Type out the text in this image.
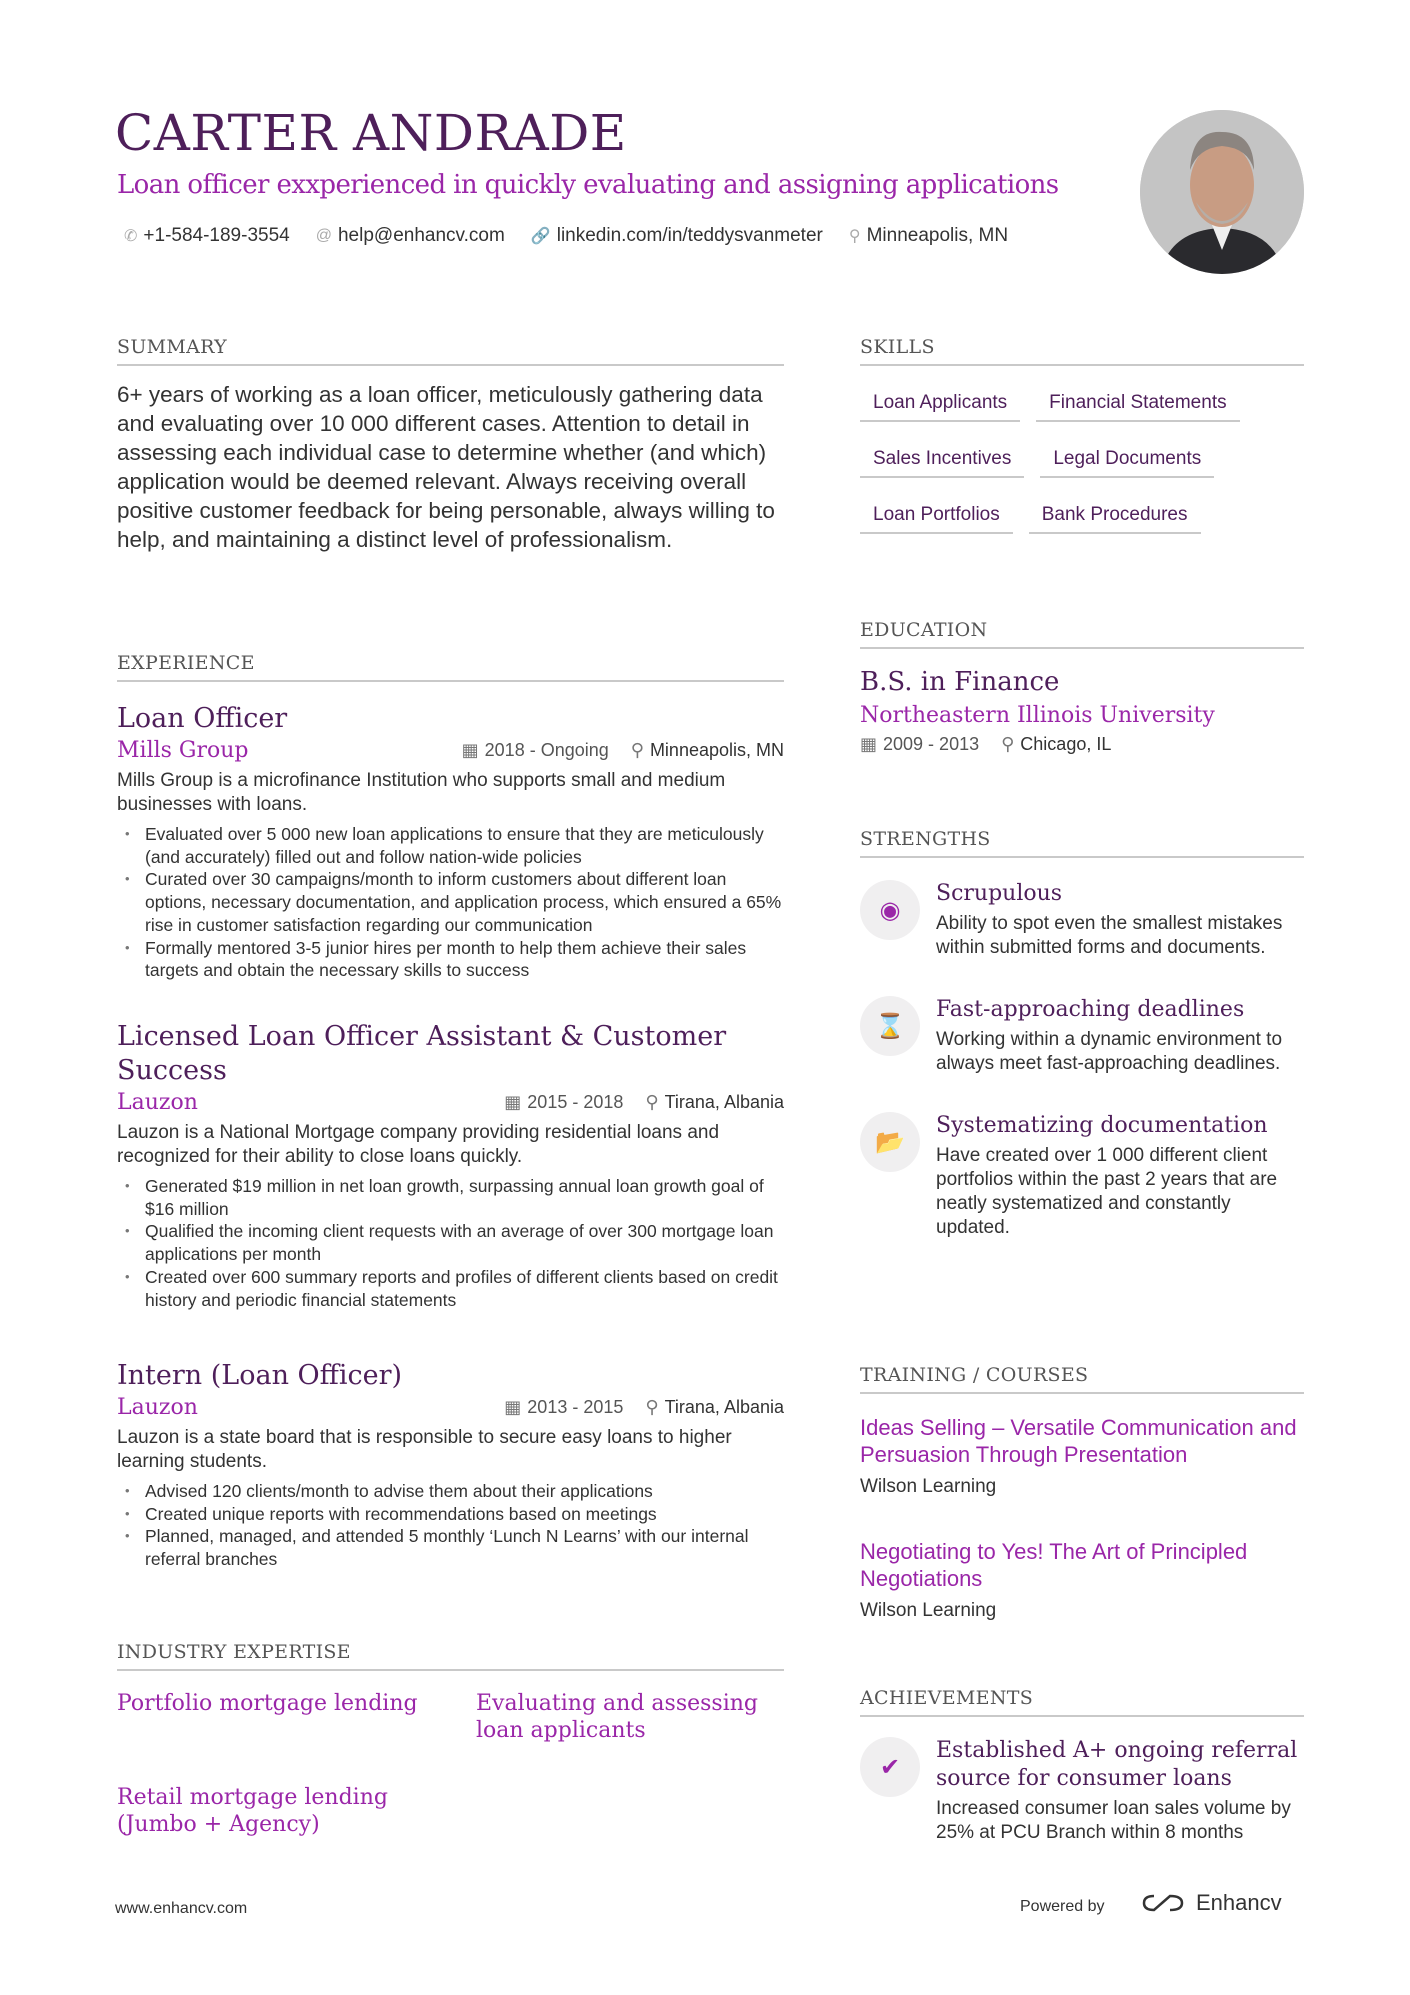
CARTER ANDRADE
Loan officer exxperienced in quickly evaluating and assigning applications
✆ +1-584-189-3554 @ help@enhancv.com 🔗 linkedin.com/in/teddysvanmeter ⚲ Minneapolis, MN
SUMMARY
6+ years of working as a loan officer, meticulously gathering data and evaluating over 10 000 different cases. Attention to detail in assessing each individual case to determine whether (and which) application would be deemed relevant. Always receiving overall positive customer feedback for being personable, always willing to help, and maintaining a distinct level of professionalism.
EXPERIENCE
Loan Officer
Mills Group	▦ 2018 - Ongoing ⚲ Minneapolis, MN
Mills Group is a microfinance Institution who supports small and medium businesses with loans.
• Evaluated over 5 000 new loan applications to ensure that they are meticulously (and accurately) filled out and follow nation-wide policies
• Curated over 30 campaigns/month to inform customers about different loan options, necessary documentation, and application process, which ensured a 65% rise in customer satisfaction regarding our communication
• Formally mentored 3-5 junior hires per month to help them achieve their sales targets and obtain the necessary skills to success
Licensed Loan Officer Assistant & Customer Success
Lauzon	▦ 2015 - 2018 ⚲ Tirana, Albania
Lauzon is a National Mortgage company providing residential loans and recognized for their ability to close loans quickly.
• Generated $19 million in net loan growth, surpassing annual loan growth goal of $16 million
• Qualified the incoming client requests with an average of over 300 mortgage loan applications per month
• Created over 600 summary reports and profiles of different clients based on credit history and periodic financial statements
Intern (Loan Officer)
Lauzon	▦ 2013 - 2015 ⚲ Tirana, Albania
Lauzon is a state board that is responsible to secure easy loans to higher learning students.
• Advised 120 clients/month to advise them about their applications
• Created unique reports with recommendations based on meetings
• Planned, managed, and attended 5 monthly ‘Lunch N Learns’ with our internal referral branches
INDUSTRY EXPERTISE
Portfolio mortgage lending	Evaluating and assessing loan applicants
Retail mortgage lending (Jumbo + Agency)
SKILLS
Loan Applicants	Financial Statements
Sales Incentives	Legal Documents
Loan Portfolios	Bank Procedures
EDUCATION
B.S. in Finance
Northeastern Illinois University
▦ 2009 - 2013 ⚲ Chicago, IL
STRENGTHS
◉
Scrupulous
Ability to spot even the smallest mistakes within submitted forms and documents.
⌛
Fast-approaching deadlines
Working within a dynamic environment to always meet fast-approaching deadlines.
📂
Systematizing documentation
Have created over 1 000 different client portfolios within the past 2 years that are neatly systematized and constantly updated.
TRAINING / COURSES
Ideas Selling – Versatile Communication and Persuasion Through Presentation
Wilson Learning
Negotiating to Yes! The Art of Principled Negotiations
Wilson Learning
ACHIEVEMENTS
✔
Established A+ ongoing referral source for consumer loans
Increased consumer loan sales volume by 25% at PCU Branch within 8 months
www.enhancv.com	Powered by	Enhancv
